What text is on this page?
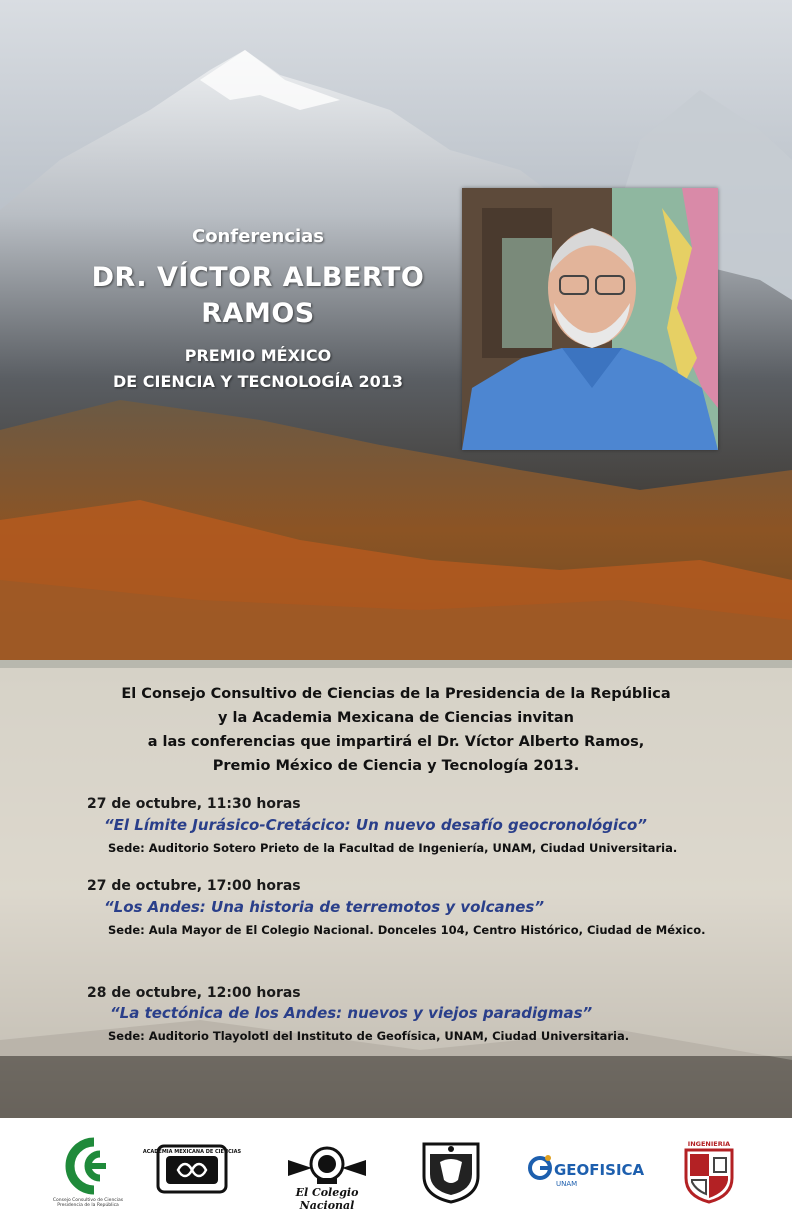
Conferencias
DR. VÍCTOR ALBERTO
RAMOS
PREMIO MÉXICO
DE CIENCIA Y TECNOLOGÍA 2013
El Consejo Consultivo de Ciencias de la Presidencia de la República
y la Academia Mexicana de Ciencias invitan
a las conferencias que impartirá el Dr. Víctor Alberto Ramos,
Premio México de Ciencia y Tecnología 2013.
27 de octubre, 11:30 horas
“El Límite Jurásico-Cretácico: Un nuevo desafío geocronológico”
Sede: Auditorio Sotero Prieto de la Facultad de Ingeniería, UNAM, Ciudad Universitaria.
27 de octubre, 17:00 horas
“Los Andes: Una historia de terremotos y volcanes”
Sede: Aula Mayor de El Colegio Nacional. Donceles 104, Centro Histórico, Ciudad de México.
28 de octubre, 12:00 horas
“La tectónica de los Andes: nuevos y viejos paradigmas”
Sede: Auditorio Tlayolotl del Instituto de Geofísica, UNAM, Ciudad Universitaria.
Consejo Consultivo de Ciencias Presidencia de la República
ACADEMIA MEXICANA DE CIENCIAS
El Colegio Nacional
GEOFISICA
UNAM
INGENIERIA
